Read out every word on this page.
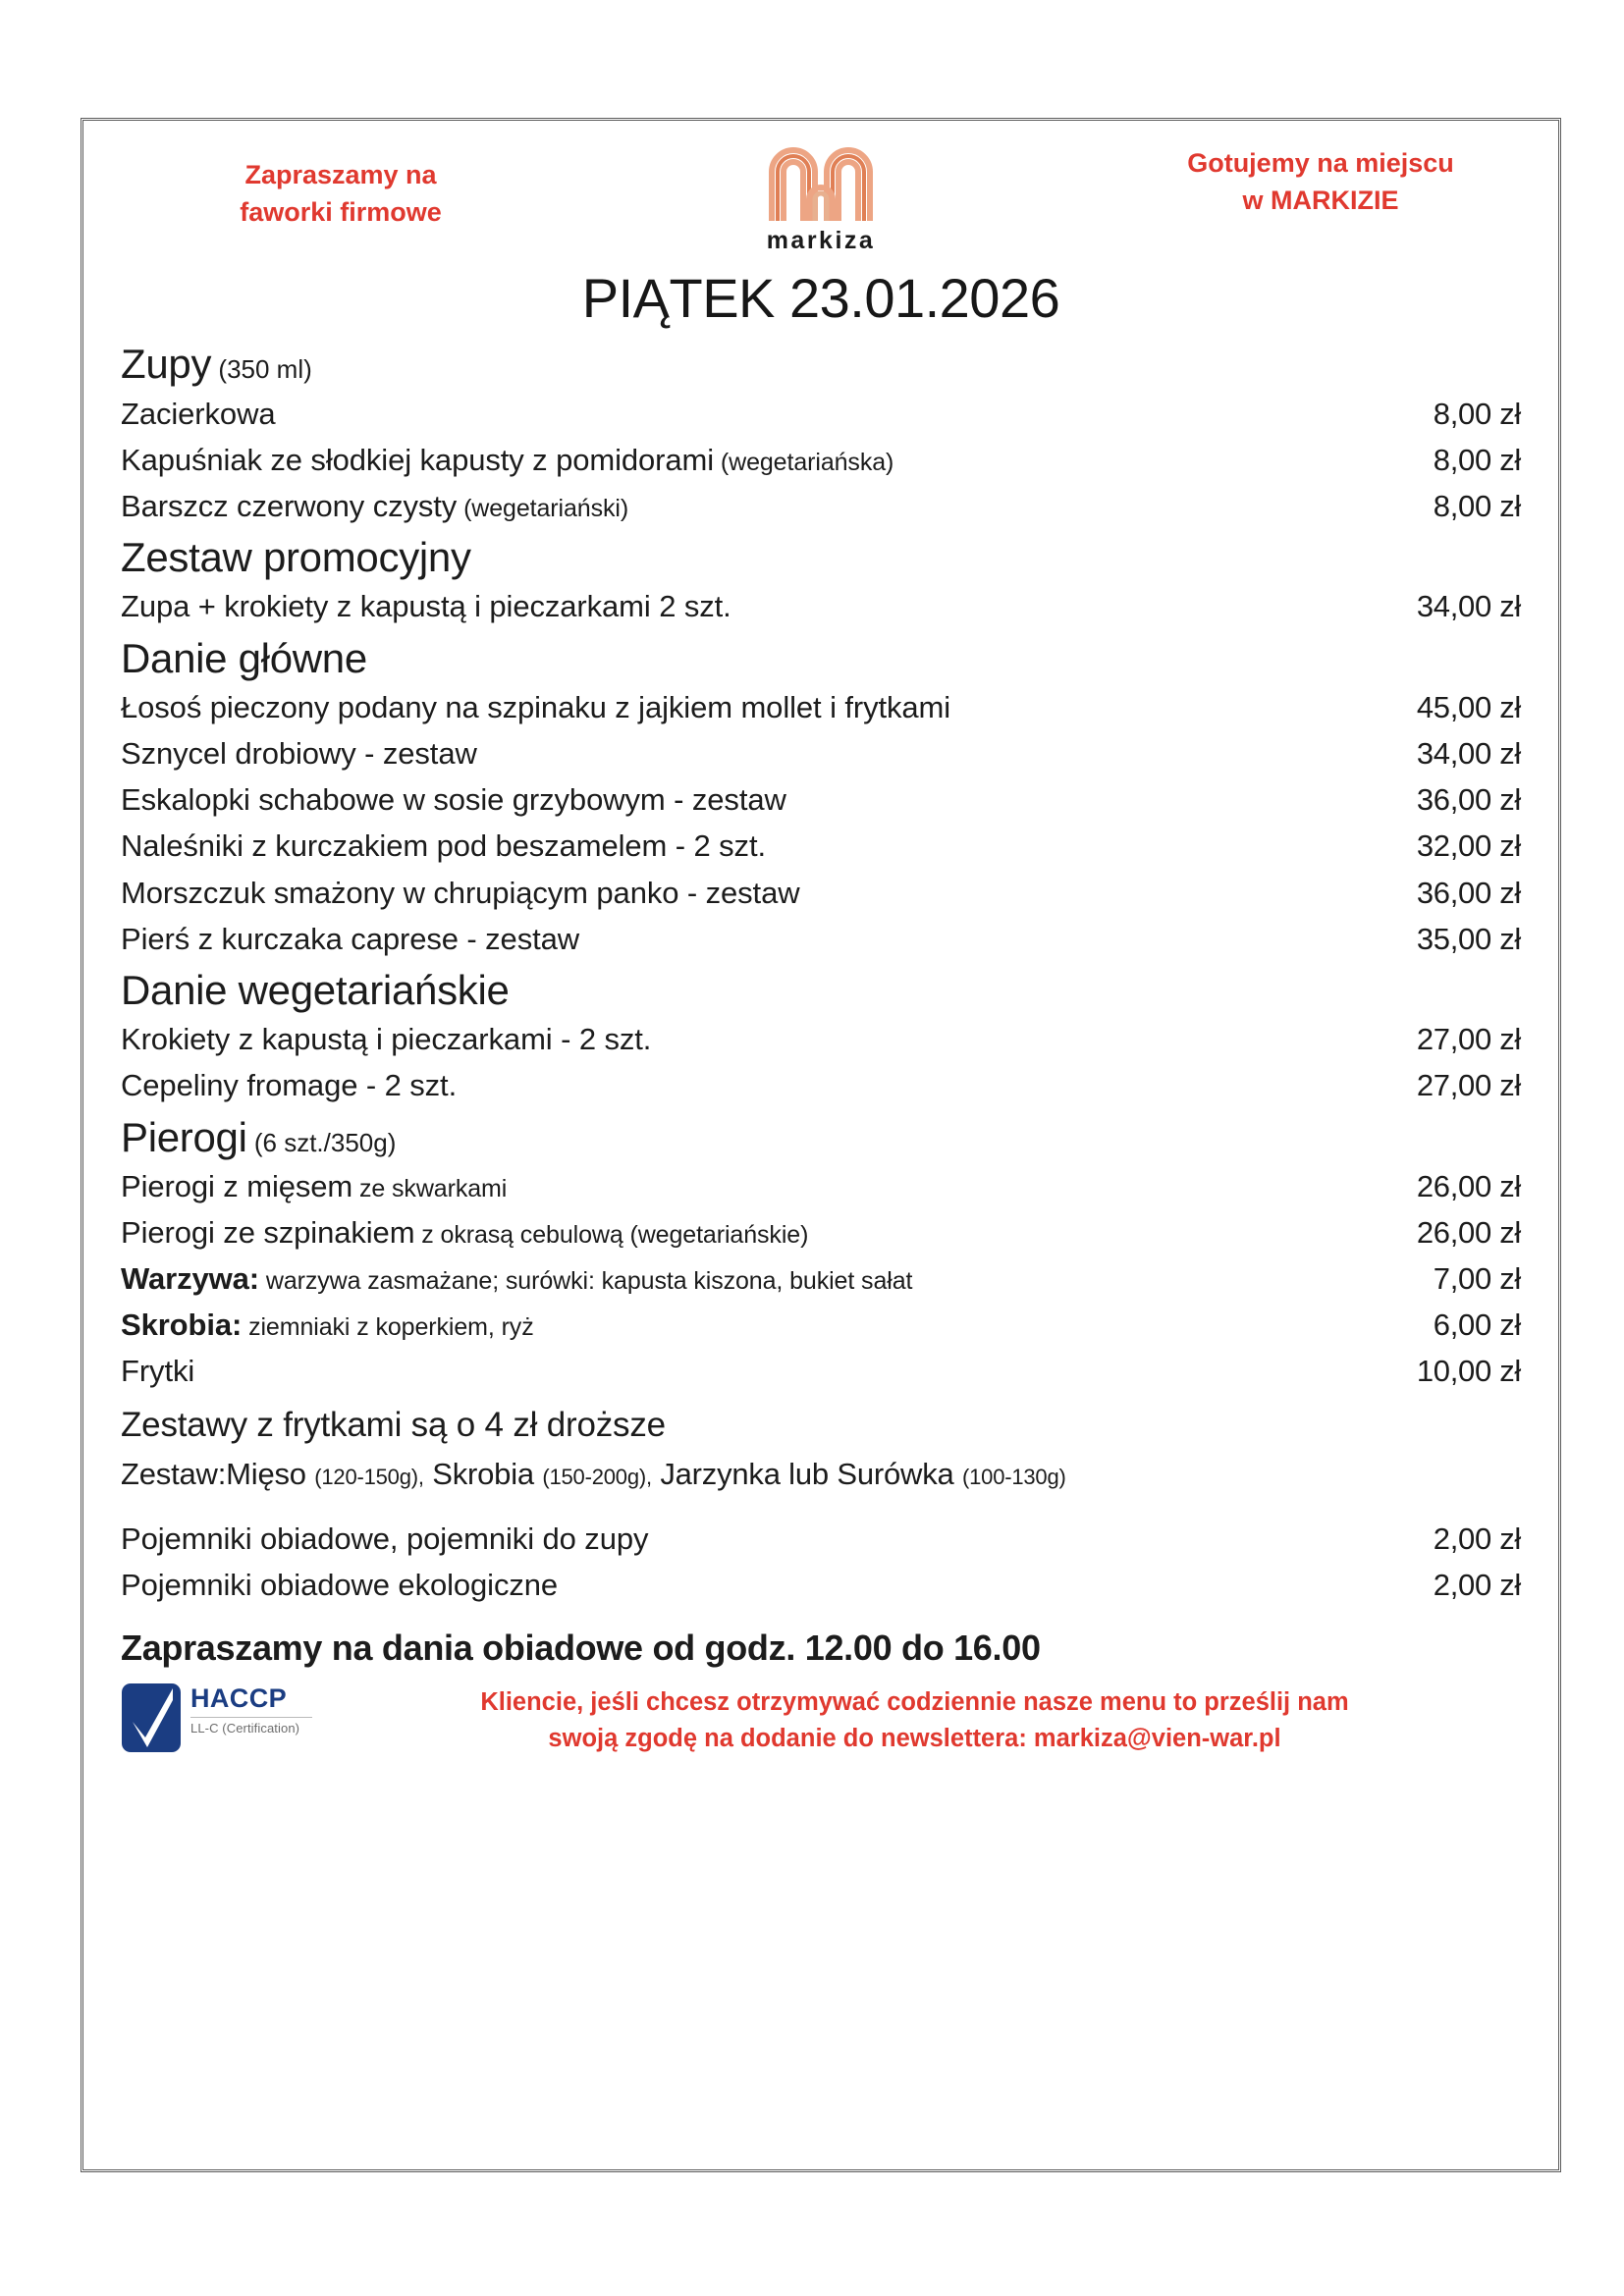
Zapraszamy na
faworki firmowe
markiza
Gotujemy na miejscu
w MARKIZIE
PIĄTEK 23.01.2026
Zupy (350 ml)
Zacierkowa	8,00 zł
Kapuśniak ze słodkiej kapusty z pomidorami (wegetariańska)	8,00 zł
Barszcz czerwony czysty (wegetariański)	8,00 zł
Zestaw promocyjny
Zupa + krokiety z kapustą i pieczarkami 2 szt.	34,00 zł
Danie główne
Łosoś pieczony podany na szpinaku z jajkiem mollet i frytkami	45,00 zł
Sznycel drobiowy - zestaw	34,00 zł
Eskalopki schabowe w sosie grzybowym - zestaw	36,00 zł
Naleśniki z kurczakiem pod beszamelem - 2 szt.	32,00 zł
Morszczuk smażony w chrupiącym panko - zestaw	36,00 zł
Pierś z kurczaka caprese - zestaw	35,00 zł
Danie wegetariańskie
Krokiety z kapustą i pieczarkami - 2 szt.	27,00 zł
Cepeliny fromage - 2 szt.	27,00 zł
Pierogi (6 szt./350g)
Pierogi z mięsem ze skwarkami	26,00 zł
Pierogi ze szpinakiem z okrasą cebulową (wegetariańskie)	26,00 zł
Warzywa: warzywa zasmażane; surówki: kapusta kiszona, bukiet sałat	7,00 zł
Skrobia: ziemniaki z koperkiem, ryż	6,00 zł
Frytki	10,00 zł
Zestawy z frytkami są o 4 zł droższe
Zestaw:Mięso (120-150g), Skrobia (150-200g), Jarzynka lub Surówka (100-130g)
Pojemniki obiadowe, pojemniki do zupy	2,00 zł
Pojemniki obiadowe ekologiczne	2,00 zł
Zapraszamy na dania obiadowe od godz. 12.00 do 16.00
HACCP
LL-C (Certification)
Kliencie, jeśli chcesz otrzymywać codziennie nasze menu to prześlij nam
swoją zgodę na dodanie do newslettera: markiza@vien-war.pl
